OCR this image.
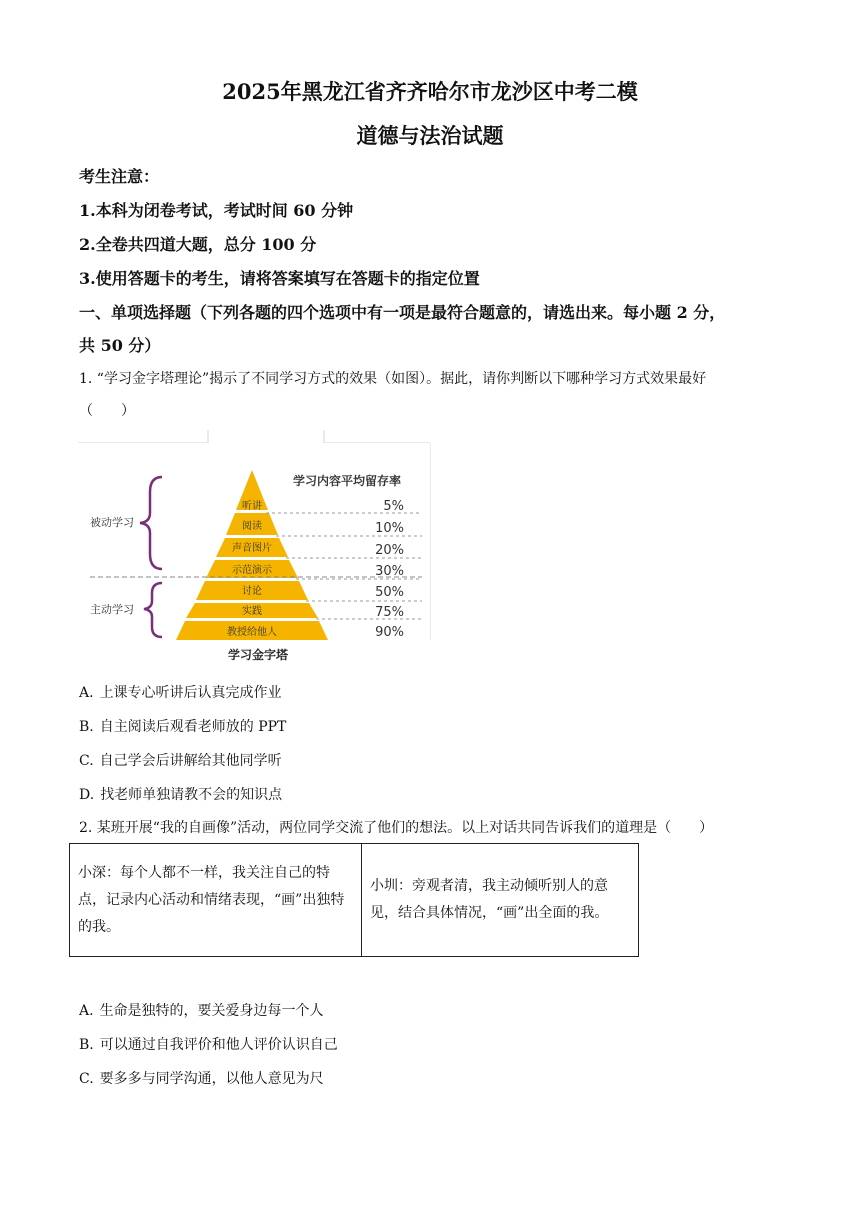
2025年黑龙江省齐齐哈尔市龙沙区中考二模
道德与法治试题
考生注意：
1.本科为闭卷考试，考试时间 60 分钟
2.全卷共四道大题，总分 100 分
3.使用答题卡的考生，请将答案填写在答题卡的指定位置
一、单项选择题（下列各题的四个选项中有一项是最符合题意的，请选出来。每小题 2 分，
共 50 分）
1. “学习金字塔理论”揭示了不同学习方式的效果（如图）。据此，请你判断以下哪种学习方式效果最好
（　　）
学习内容平均留存率
听讲
阅读
声音图片
示范演示
讨论
实践
教授给他人
5%
10%
20%
30%
50%
75%
90%
被动学习
主动学习
学习金字塔
A. 上课专心听讲后认真完成作业
B. 自主阅读后观看老师放的 PPT
C. 自己学会后讲解给其他同学听
D. 找老师单独请教不会的知识点
2. 某班开展“我的自画像”活动，两位同学交流了他们的想法。以上对话共同告诉我们的道理是（　　）
小深：每个人都不一样，我关注自己的特点，记录内心活动和情绪表现，“画”出独特的我。	小圳：旁观者清，我主动倾听别人的意见，结合具体情况，“画”出全面的我。
A. 生命是独特的，要关爱身边每一个人
B. 可以通过自我评价和他人评价认识自己
C. 要多多与同学沟通，以他人意见为尺
